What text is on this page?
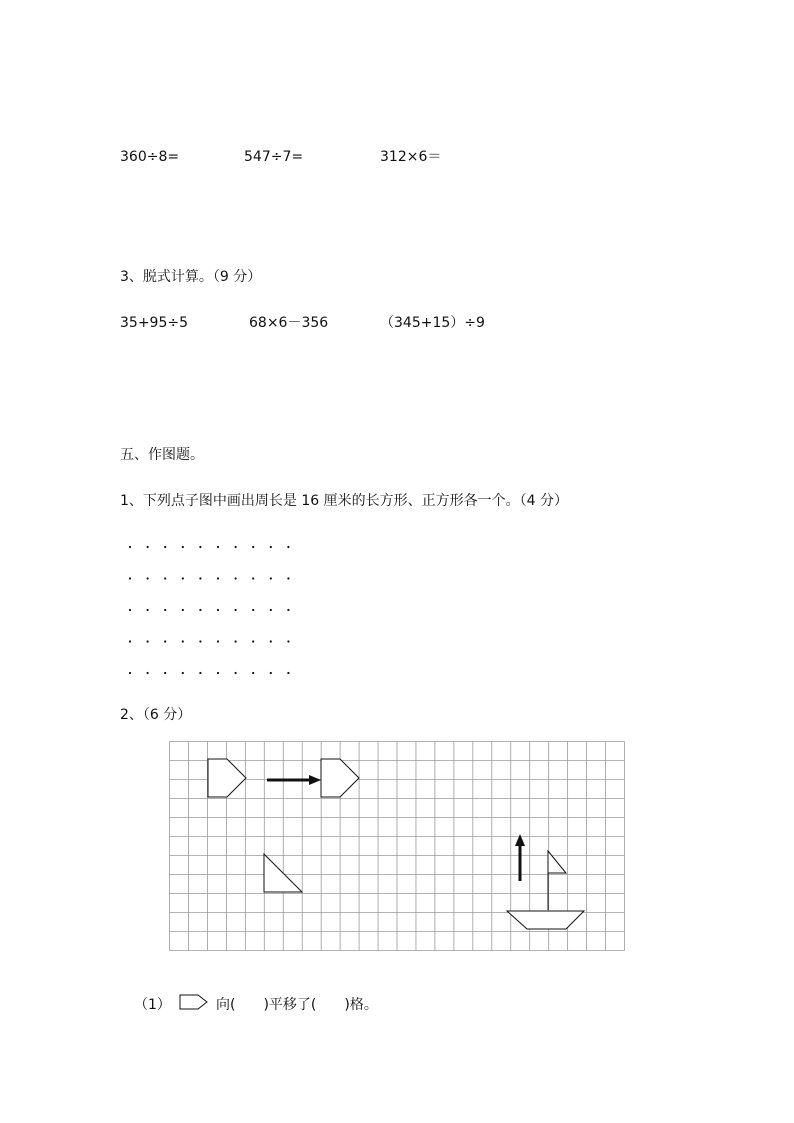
360÷8=	547÷7=	312×6＝
3、脱式计算。（9 分）
35+95÷5	68×6－356	（345+15）÷9
五、作图题。
1、下列点子图中画出周长是 16 厘米的长方形、正方形各一个。（4 分）
2、（6 分）
（1）	向(　　)平移了(　　)格。
